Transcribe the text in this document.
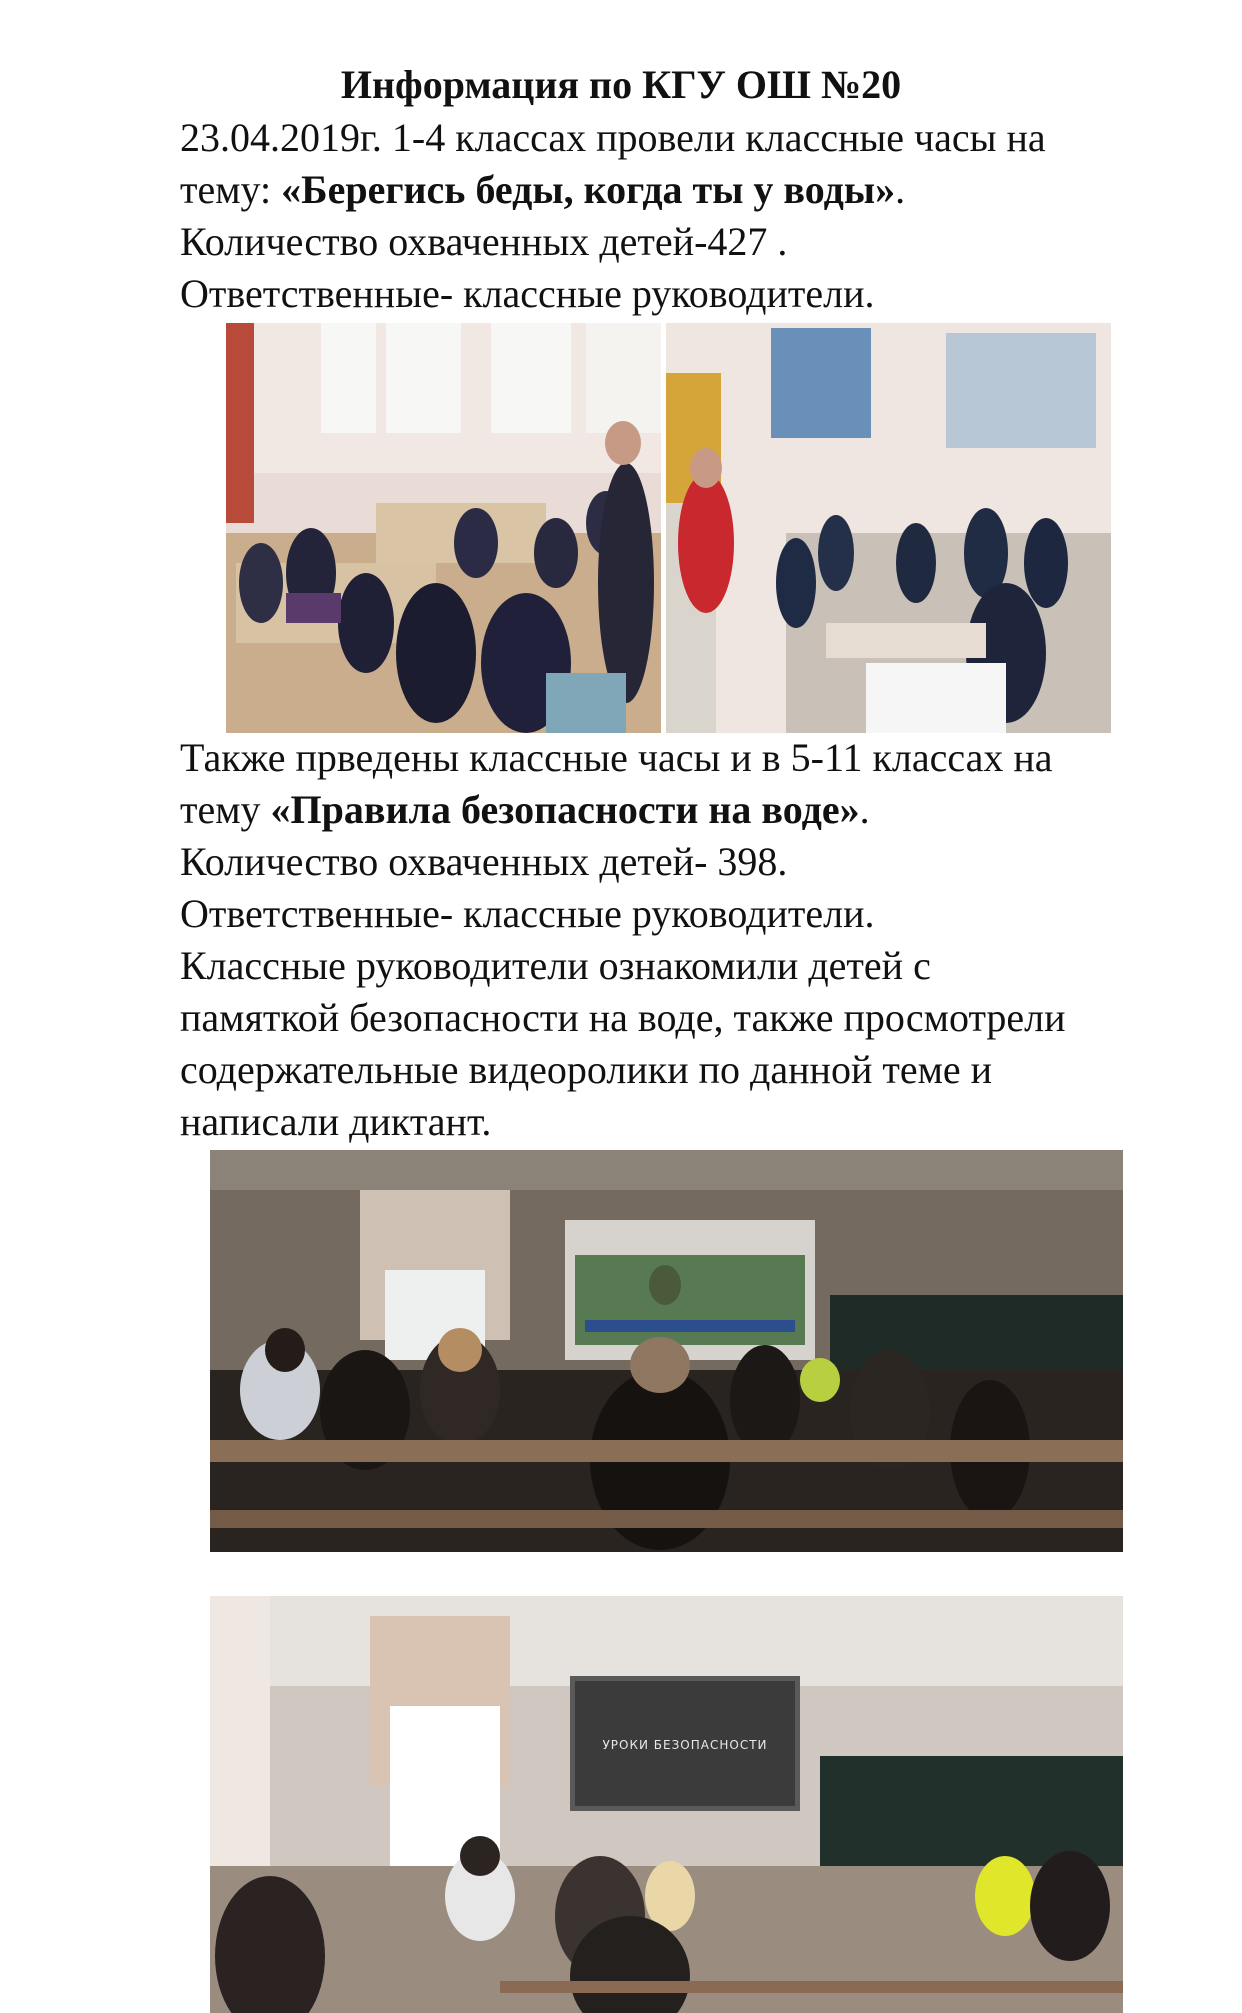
Информация по КГУ ОШ №20

23.04.2019г. 1-4 классах провели классные часы на

тему: «Берегись беды, когда ты у воды».

Количество охваченных детей-427 .

Ответственные- классные руководители.

Также пpведены классные часы и в 5-11 классах на

тему «Правила безопасности на воде».

Количество охваченных детей- 398.

Ответственные- классные руководители.

Классные руководители ознакомили детей с

памяткой безопасности на воде, также просмотрели

содержательные видеоролики по данной теме и

написали диктант.

УРОКИ БЕЗОПАСНОСТИ
